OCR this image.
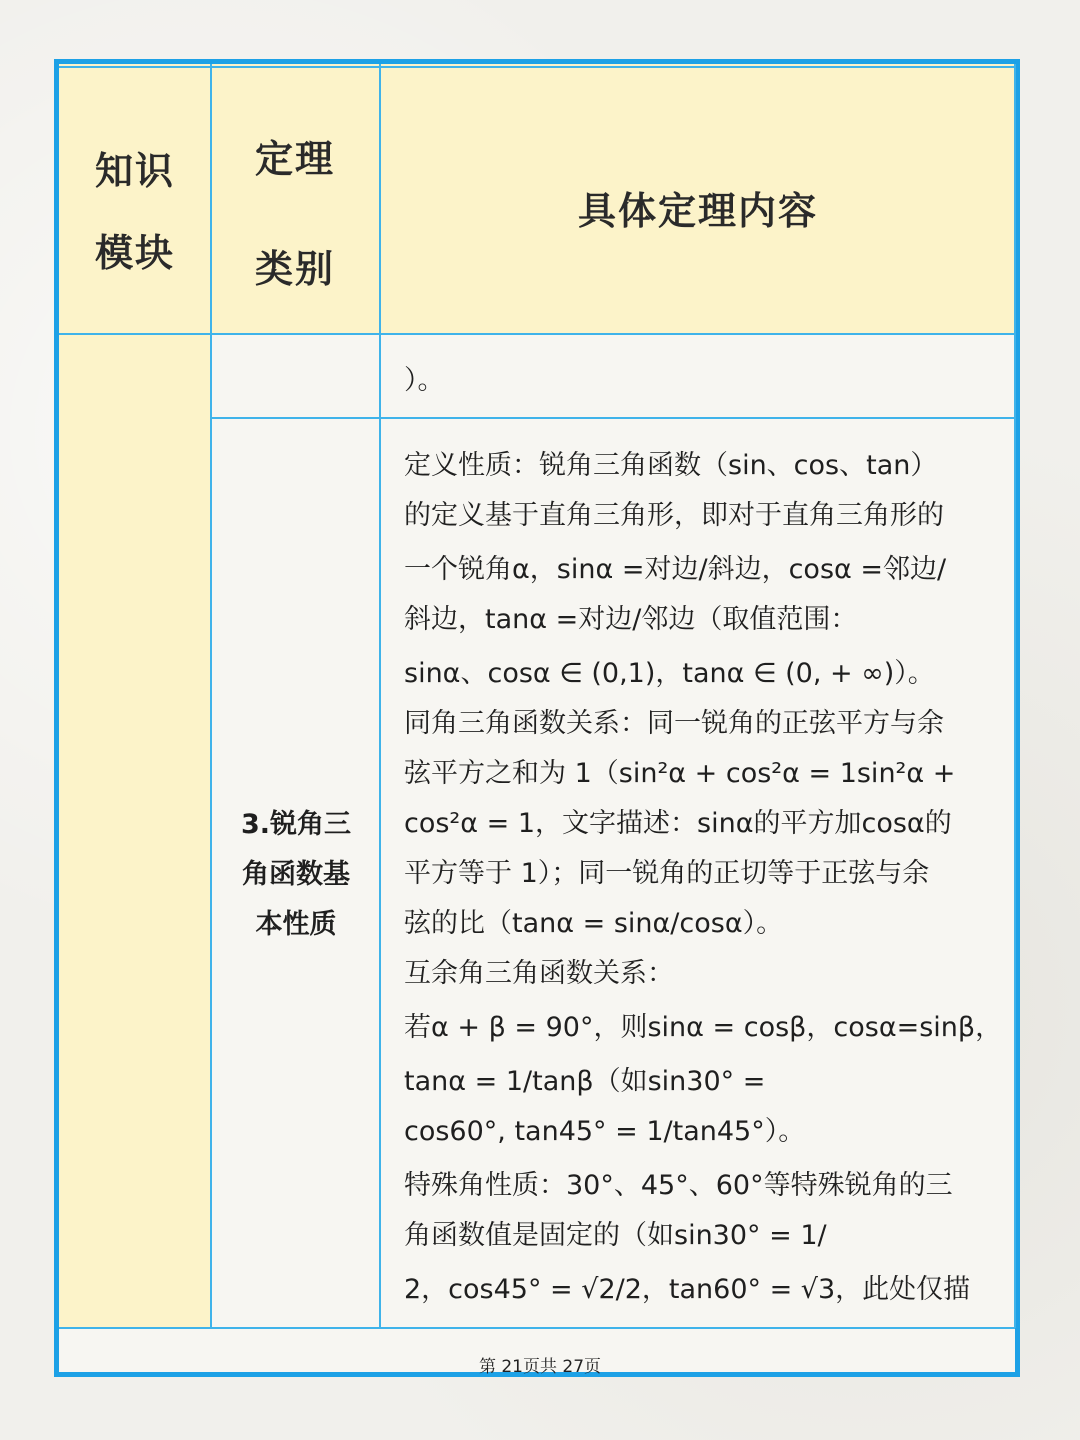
知识
模块
定理
类别
具体定理内容
）。
3.锐角三
角函数基
本性质
定义性质：锐角三角函数（sin、cos、tan）
的定义基于直角三角形，即对于直角三角形的
一个锐角α，sinα =对边/斜边，cosα =邻边/
斜边，tanα =对边/邻边（取值范围：
sinα、cosα ∈ (0,1)，tanα ∈ (0, + ∞)）。
同角三角函数关系：同一锐角的正弦平方与余
弦平方之和为 1（sin²α + cos²α = 1sin²α +
cos²α = 1，文字描述：sinα的平方加cosα的
平方等于 1）；同一锐角的正切等于正弦与余
弦的比（tanα = sinα/cosα）。
互余角三角函数关系：
若α + β = 90°，则sinα = cosβ，cosα=sinβ，
tanα = 1/tanβ（如sin30° =
cos60°, tan45° = 1/tan45°）。
特殊角性质：30°、45°、60°等特殊锐角的三
角函数值是固定的（如sin30° = 1/
2，cos45° = √2/2，tan60° = √3，此处仅描
第 21页共 27页
